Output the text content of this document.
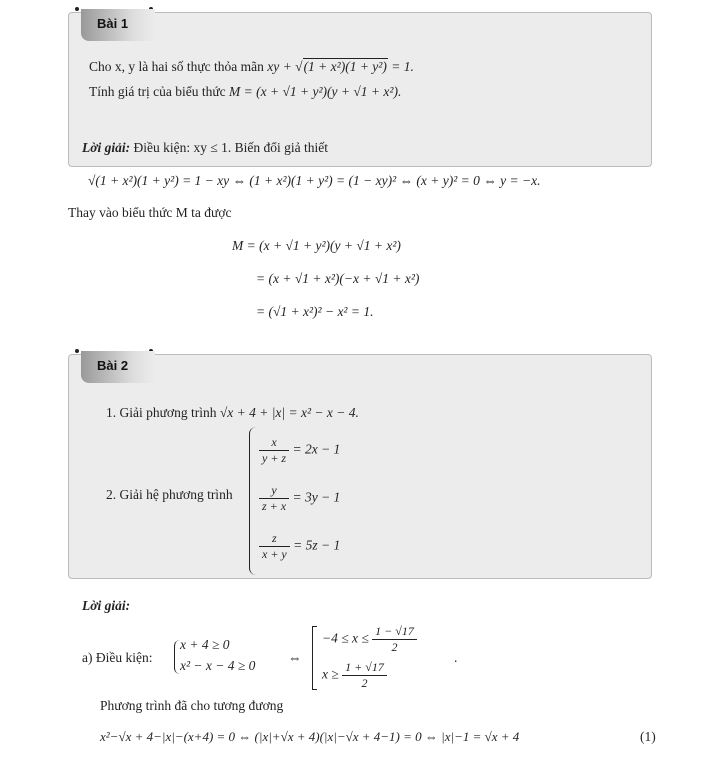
Bài 1
Cho x, y là hai số thực thỏa mãn xy + √(1 + x²)(1 + y²) = 1.
Tính giá trị của biểu thức M = (x + √1 + y²)(y + √1 + x²).
Lời giải: Điều kiện: xy ≤ 1. Biến đổi giả thiết
√(1 + x²)(1 + y²) = 1 − xy ⇔ (1 + x²)(1 + y²) = (1 − xy)² ⇔ (x + y)² = 0 ⇔ y = −x.
Thay vào biểu thức M ta được
M = (x + √1 + y²)(y + √1 + x²)
= (x + √1 + x²)(−x + √1 + x²)
= (√1 + x²)² − x² = 1.
Bài 2
1. Giải phương trình √x + 4 + |x| = x² − x − 4.
2. Giải hệ phương trình
$\frac{x}{y + z} = 2x - 1$
$\frac{y}{z + x} = 3y - 1$
$\frac{z}{x + y} = 5z - 1$
Lời giải:
a) Điều kiện:
x + 4 ≥ 0
x² − x − 4 ≥ 0
⇔
$-4 \le x \le \frac{1 - √17}{2}$
$x \ge \frac{1 + √17}{2}$
.
Phương trình đã cho tương đương
x²−√x + 4−|x|−(x+4) = 0 ⇔ (|x|+√x + 4)(|x|−√x + 4−1) = 0 ⇔ |x|−1 = √x + 4	(1)
